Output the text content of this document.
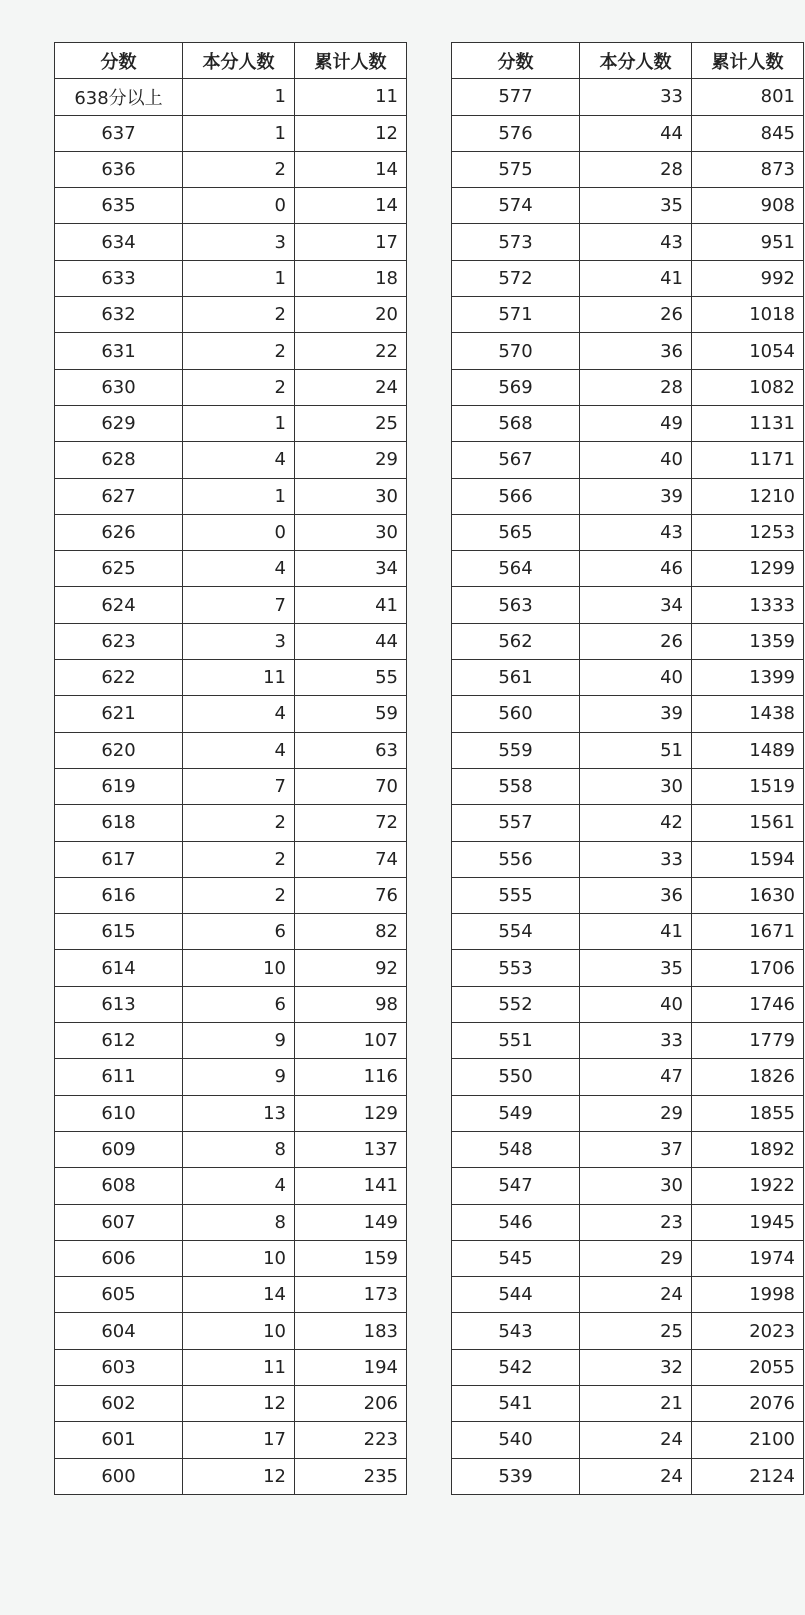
分数	本分人数	累计人数
638分以上	1	11
637	1	12
636	2	14
635	0	14
634	3	17
633	1	18
632	2	20
631	2	22
630	2	24
629	1	25
628	4	29
627	1	30
626	0	30
625	4	34
624	7	41
623	3	44
622	11	55
621	4	59
620	4	63
619	7	70
618	2	72
617	2	74
616	2	76
615	6	82
614	10	92
613	6	98
612	9	107
611	9	116
610	13	129
609	8	137
608	4	141
607	8	149
606	10	159
605	14	173
604	10	183
603	11	194
602	12	206
601	17	223
600	12	235
分数	本分人数	累计人数
577	33	801
576	44	845
575	28	873
574	35	908
573	43	951
572	41	992
571	26	1018
570	36	1054
569	28	1082
568	49	1131
567	40	1171
566	39	1210
565	43	1253
564	46	1299
563	34	1333
562	26	1359
561	40	1399
560	39	1438
559	51	1489
558	30	1519
557	42	1561
556	33	1594
555	36	1630
554	41	1671
553	35	1706
552	40	1746
551	33	1779
550	47	1826
549	29	1855
548	37	1892
547	30	1922
546	23	1945
545	29	1974
544	24	1998
543	25	2023
542	32	2055
541	21	2076
540	24	2100
539	24	2124
